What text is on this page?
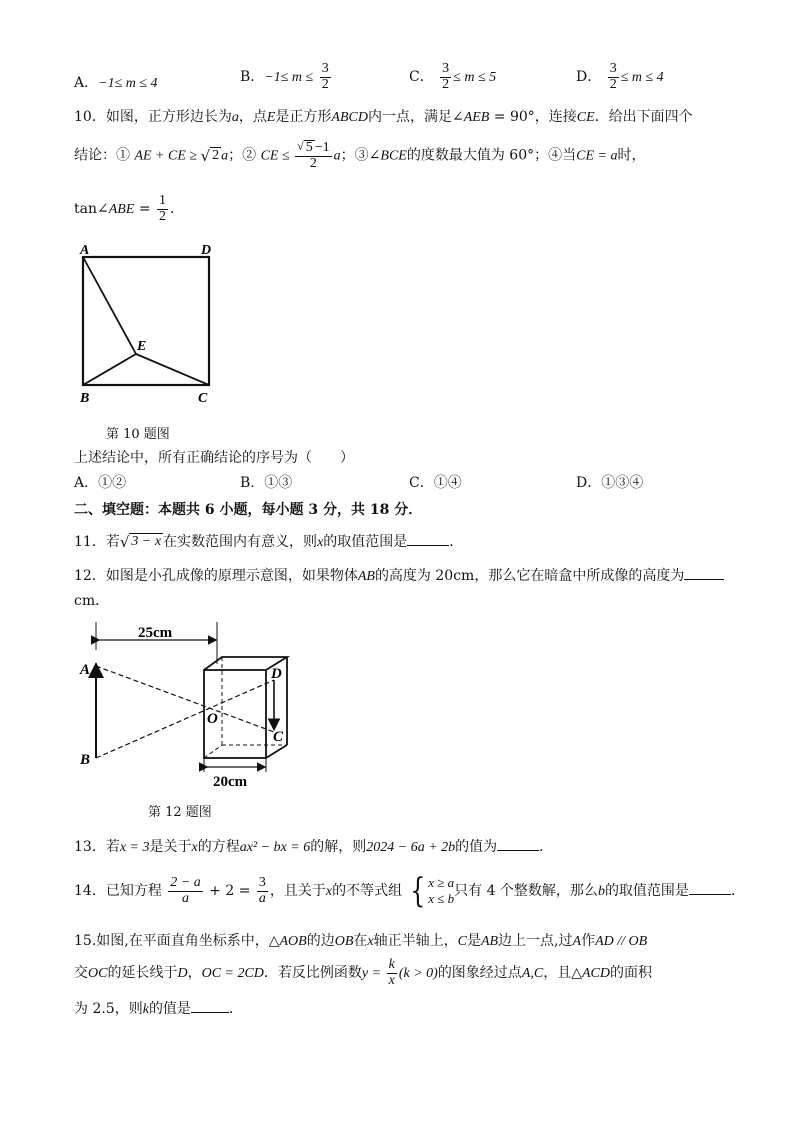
A．−1≤ m ≤ 4	B．$-1\le m \le \frac{3}{2}$	C． $\frac{3}{2} \le m \le 5$	D． $\frac{3}{2} \le m \le 4$
10．如图，正方形边长为a，点E是正方形ABCD内一点，满足∠AEB = 90°，连接CE．给出下面四个
结论：① AE + CE ≥ √ 2 a；② CE ≤ $\frac{√ 5 -1}{2}$ a；③∠BCE的度数最大值为 60°；④当CE = a时，
tan∠ABE = $\frac{1}{2}$ ．
A	D
E
B	C
第 10 题图
上述结论中，所有正确结论的序号为（　　）
A．①②	B．①③	C．①④	D．①③④
二、填空题：本题共 6 小题，每小题 3 分，共 18 分．
11．若 √ 3 − x 在实数范围内有意义，则x的取值范围是	．
12．如图是小孔成像的原理示意图，如果物体AB的高度为 20cm，那么它在暗盒中所成像的高度为
cm．
25cm
A
B
O
D
C
20cm
第 12 题图
13．若x = 3是关于x的方程ax² − bx = 6的解，则2024 − 6a + 2b的值为	．
14．已知方程 $\frac{2 - a}{a} + 2 = \frac{3}{a}$ ，且关于x的不等式组 { x ≥ a
x ≤ b 只有 4 个整数解，那么b的取值范围是	．
15.如图,在平面直角坐标系中，△AOB的边OB在x轴正半轴上，C是AB边上一点,过A作AD // OB
交OC的延长线于D，OC = 2CD．若反比例函数$y = \frac{k}{x} (k > 0)$的图象经过点A,C，且△ACD的面积
为 2.5，则k的值是	．
